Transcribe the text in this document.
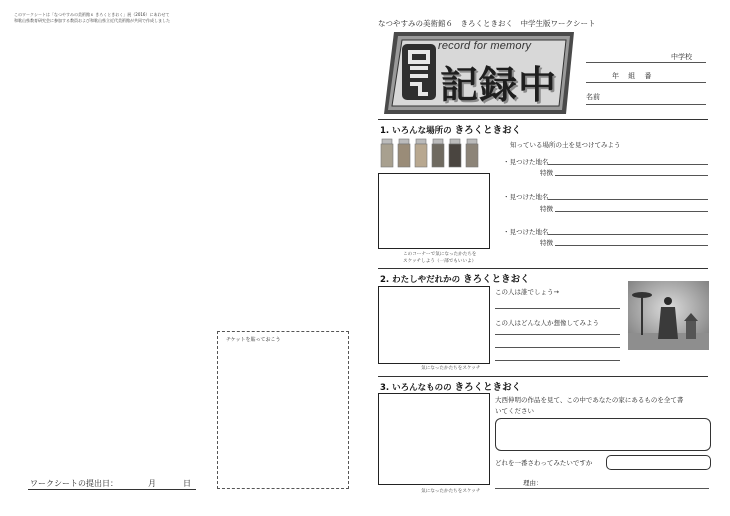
このワークシートは「なつやすみの美術館６ きろくときおく」展（2016）にあわせて
和歌山県教育研究会に参加する教員および和歌山県立近代美術館が共同で作成しました
チケットを貼っておこう
ワークシートの提出日：	月	日
なつやすみの美術館６　きろくときおく　中学生版ワークシート
record for memory
記録中
中学校
年　 組　 番
名前
1. いろんな場所の きろくときおく
このコーナーで気になったかたちを
スケッチしよう（一部でもいいよ）
知っている場所の土を見つけてみよう
・見つけた地名
特徴
・見つけた地名
特徴
・見つけた地名
特徴
2. わたしやだれかの きろくときおく
気になったかたちをスケッチ
この人は誰でしょう→
この人はどんな人か想像してみよう
3. いろんなものの きろくときおく
気になったかたちをスケッチ
大西伸明の作品を見て、この中であなたの家にあるものを全て書
いてください
どれを一番さわってみたいですか
理由：
